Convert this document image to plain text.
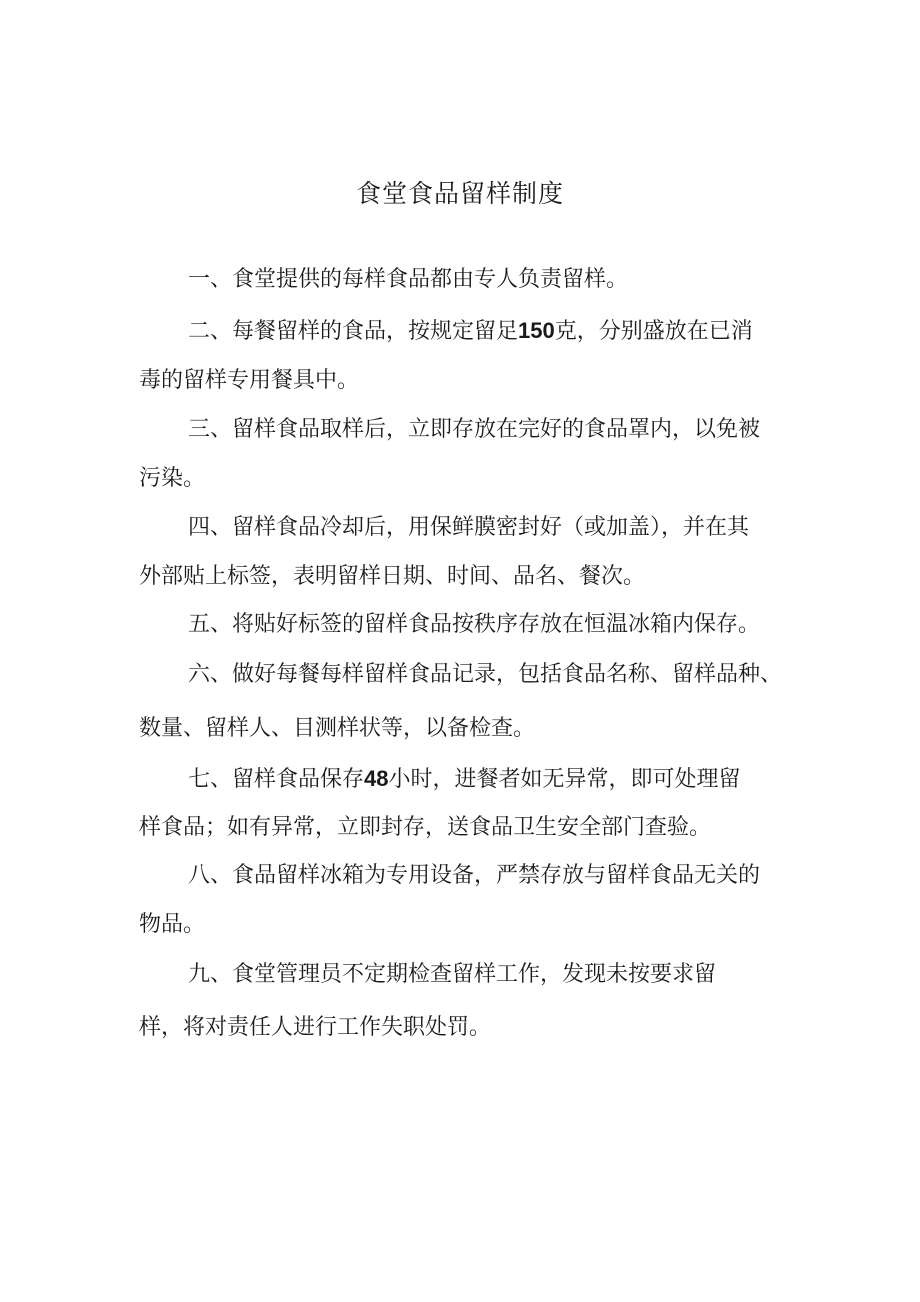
食堂食品留样制度

一、食堂提供的每样食品都由专人负责留样。

二、每餐留样的食品，按规定留足150克，分别盛放在已消

毒的留样专用餐具中。

三、留样食品取样后，立即存放在完好的食品罩内，以免被

污染。

四、留样食品冷却后，用保鲜膜密封好（或加盖），并在其

外部贴上标签，表明留样日期、时间、品名、餐次。

五、将贴好标签的留样食品按秩序存放在恒温冰箱内保存。

六、做好每餐每样留样食品记录，包括食品名称、留样品种、

数量、留样人、目测样状等，以备检查。

七、留样食品保存48小时，进餐者如无异常，即可处理留

样食品；如有异常，立即封存，送食品卫生安全部门查验。

八、食品留样冰箱为专用设备，严禁存放与留样食品无关的

物品。

九、食堂管理员不定期检查留样工作，发现未按要求留

样，将对责任人进行工作失职处罚。
